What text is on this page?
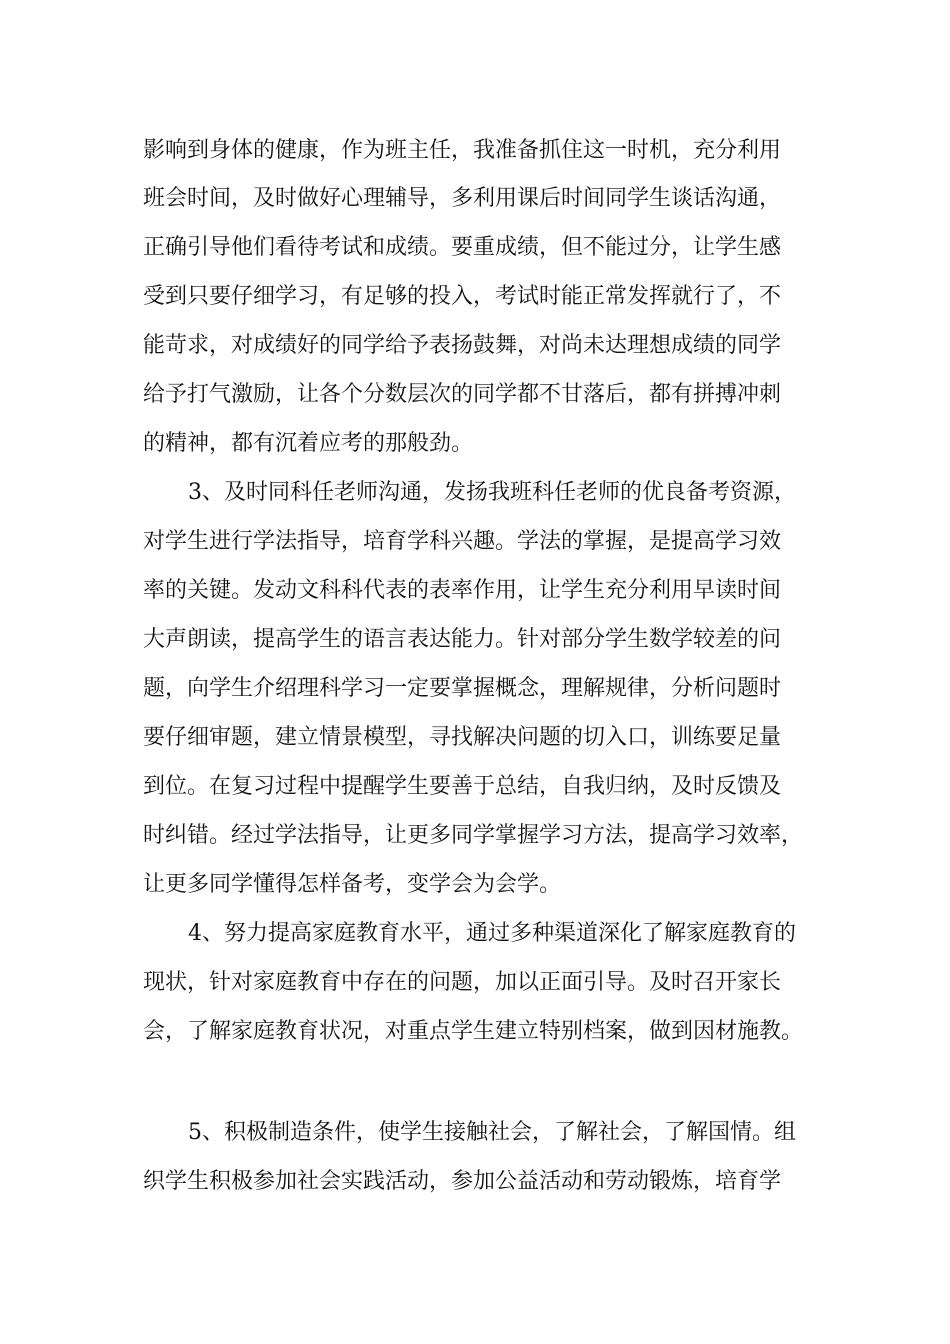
影响到身体的健康，作为班主任，我准备抓住这一时机，充分利用
班会时间，及时做好心理辅导，多利用课后时间同学生谈话沟通，
正确引导他们看待考试和成绩。要重成绩，但不能过分，让学生感
受到只要仔细学习，有足够的投入，考试时能正常发挥就行了，不
能苛求，对成绩好的同学给予表扬鼓舞，对尚未达理想成绩的同学
给予打气激励，让各个分数层次的同学都不甘落后，都有拼搏冲刺
的精神，都有沉着应考的那般劲。
3、及时同科任老师沟通，发扬我班科任老师的优良备考资源，
对学生进行学法指导，培育学科兴趣。学法的掌握，是提高学习效
率的关键。发动文科科代表的表率作用，让学生充分利用早读时间
大声朗读，提高学生的语言表达能力。针对部分学生数学较差的问
题，向学生介绍理科学习一定要掌握概念，理解规律，分析问题时
要仔细审题，建立情景模型，寻找解决问题的切入口，训练要足量
到位。在复习过程中提醒学生要善于总结，自我归纳，及时反馈及
时纠错。经过学法指导，让更多同学掌握学习方法，提高学习效率，
让更多同学懂得怎样备考，变学会为会学。
4、努力提高家庭教育水平，通过多种渠道深化了解家庭教育的
现状，针对家庭教育中存在的问题，加以正面引导。及时召开家长
会，了解家庭教育状况，对重点学生建立特别档案，做到因材施教。
5、积极制造条件，使学生接触社会，了解社会，了解国情。组
织学生积极参加社会实践活动，参加公益活动和劳动锻炼，培育学
